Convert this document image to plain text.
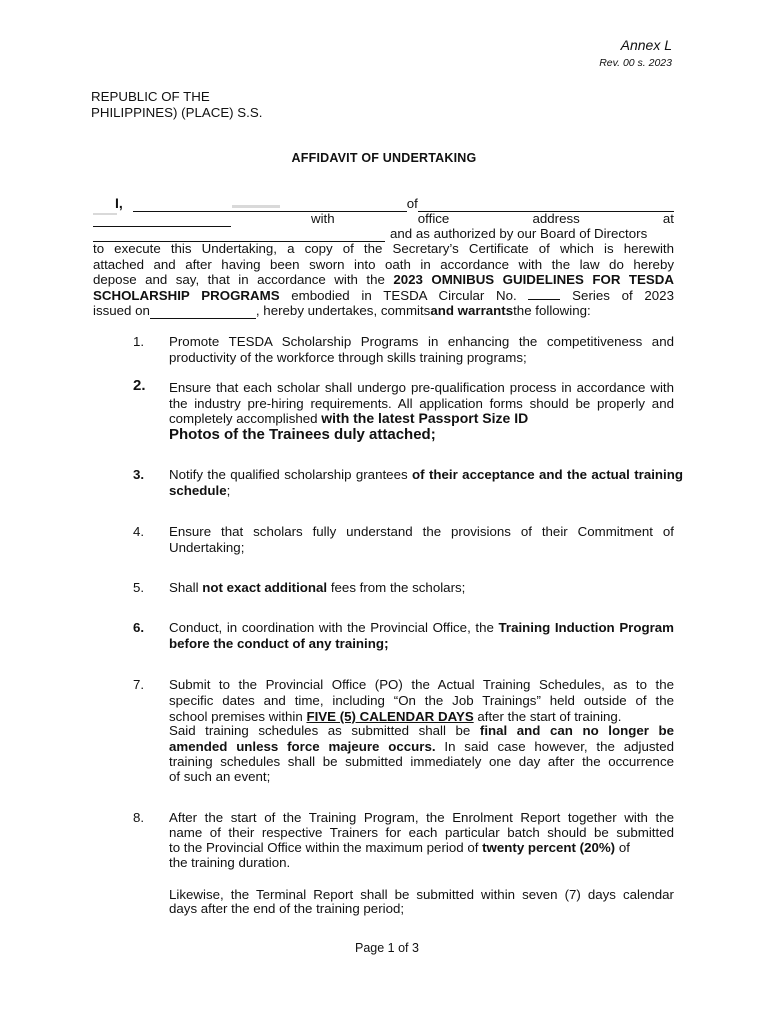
Annex L
Rev. 00 s. 2023
REPUBLIC OF THE
PHILIPPINES) (PLACE) S.S.
AFFIDAVIT OF UNDERTAKING
I,	of
with	office	address	at
and as authorized by our Board of Directors
to execute this Undertaking, a copy of the Secretary’s Certificate of which is herewith
attached and after having been sworn into oath in accordance with the law do hereby
depose and say, that in accordance with the 2023 OMNIBUS GUIDELINES FOR TESDA
SCHOLARSHIP PROGRAMS embodied in TESDA Circular No.  Series of 2023
issued on	, hereby undertakes, commits and warrants the following:
1. Promote TESDA Scholarship Programs in enhancing the competitiveness and productivity of the workforce through skills training programs;
2. Ensure that each scholar shall undergo pre-qualification process in accordance with the industry pre-hiring requirements. All application forms should be properly and completely accomplished with the latest Passport Size ID
Photos of the Trainees duly attached;
3. Notify the qualified scholarship grantees of their acceptance and the actual training schedule;
4. Ensure that scholars fully understand the provisions of their Commitment of Undertaking;
5. Shall not exact additional fees from the scholars;
6. Conduct, in coordination with the Provincial Office, the Training Induction Program before the conduct of any training;
7. Submit to the Provincial Office (PO) the Actual Training Schedules, as to the
specific dates and time, including “On the Job Trainings” held outside of the
school premises within FIVE (5) CALENDAR DAYS after the start of training.
Said training schedules as submitted shall be final and can no longer be
amended unless force majeure occurs. In said case however, the adjusted
training schedules shall be submitted immediately one day after the occurrence
of such an event;
8. After the start of the Training Program, the Enrolment Report together with the
name of their respective Trainers for each particular batch should be submitted
to the Provincial Office within the maximum period of twenty percent (20%) of
the training duration.
Likewise, the Terminal Report shall be submitted within seven (7) days calendar
days after the end of the training period;
Page 1 of 3
